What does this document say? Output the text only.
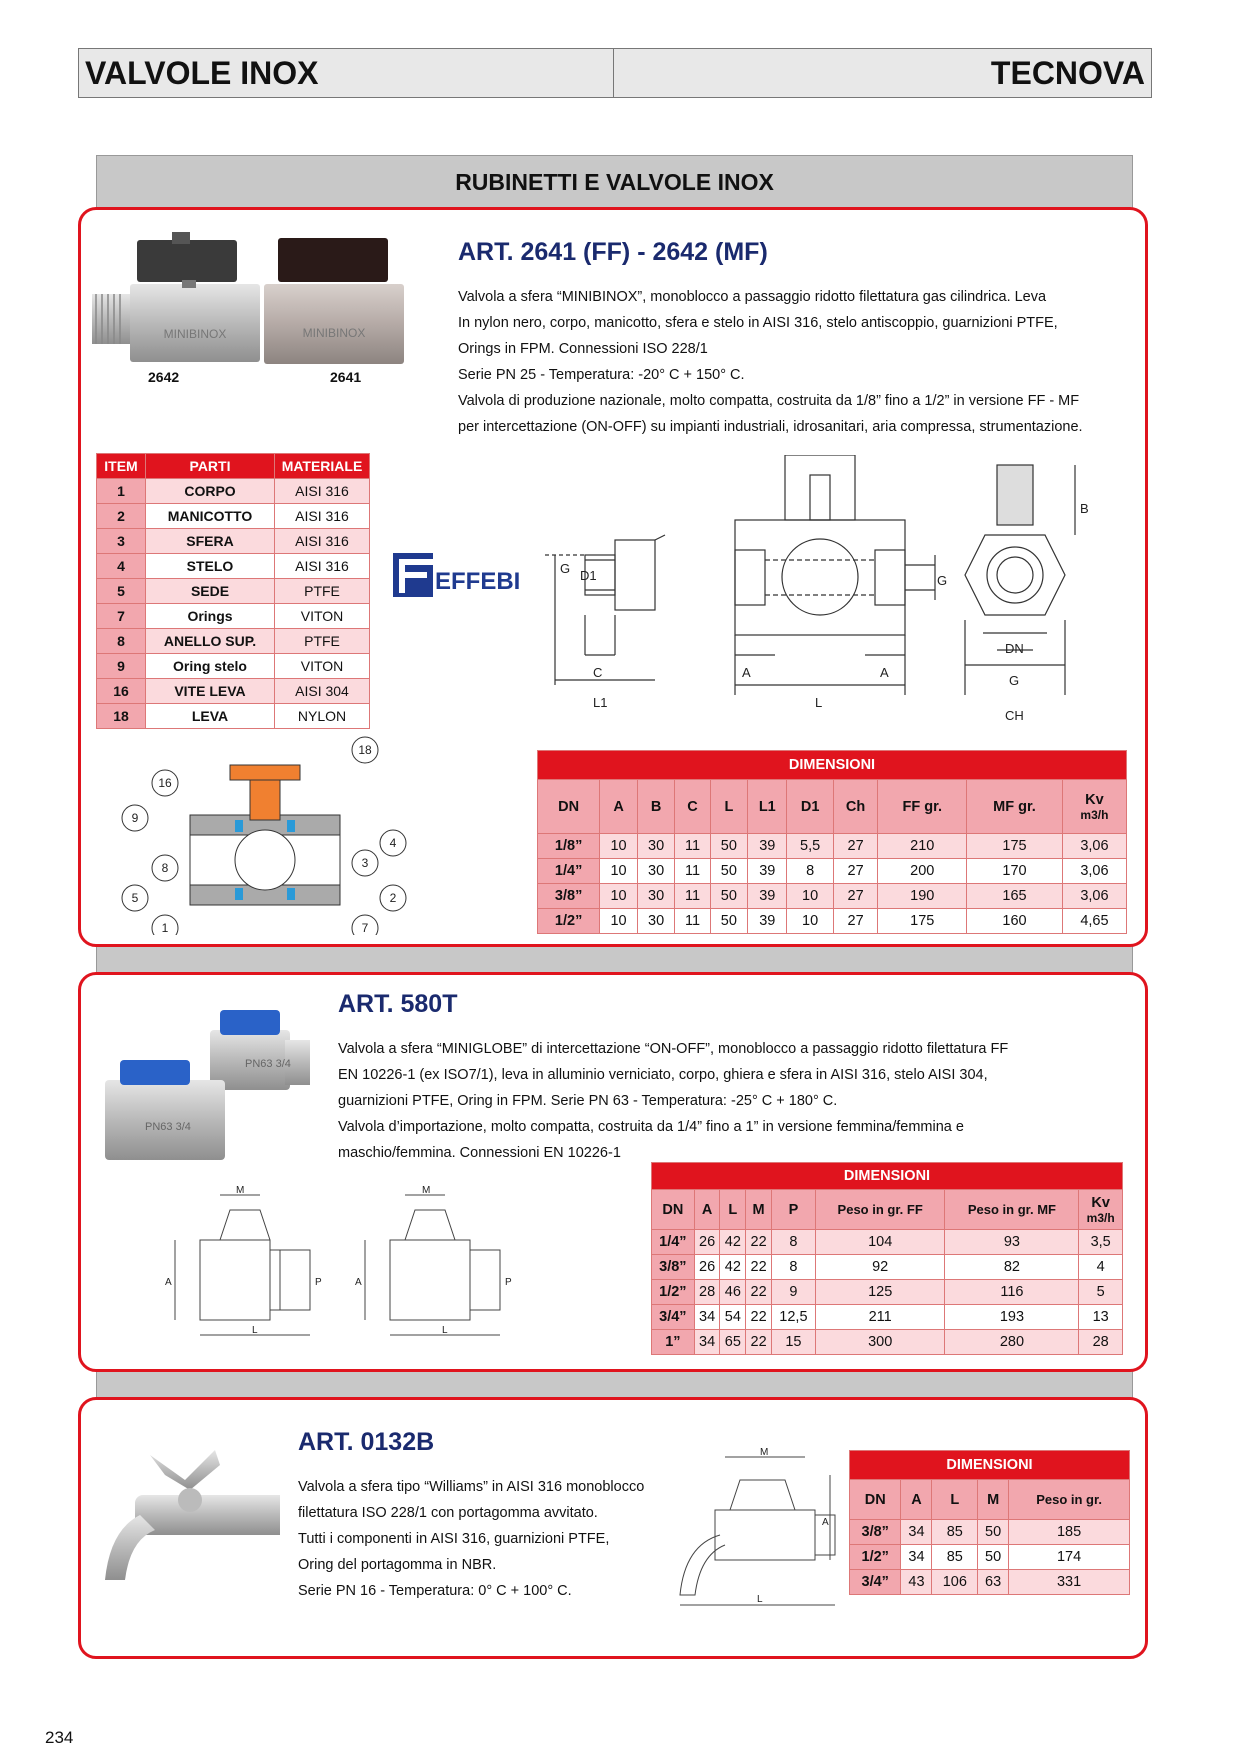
VALVOLE INOX	TECNOVA
RUBINETTI E VALVOLE INOX
MINIBINOX	MINIBINOX
2642	2641
ART. 2641 (FF) - 2642 (MF)
Valvola a sfera “MINIBINOX”, monoblocco a passaggio ridotto filettatura gas cilindrica. Leva
In nylon nero, corpo, manicotto, sfera e stelo in AISI 316, stelo antiscoppio, guarnizioni PTFE,
Orings in FPM. Connessioni ISO 228/1
Serie PN 25 - Temperatura: -20° C + 150° C.
Valvola di produzione nazionale, molto compatta, costruita da 1/8” fino a 1/2” in versione FF - MF
per intercettazione (ON-OFF) su impianti industriali, idrosanitari, aria compressa, strumentazione.
ITEM	PARTI	MATERIALE
1	CORPO	AISI 316
2	MANICOTTO	AISI 316
3	SFERA	AISI 316
4	STELO	AISI 316
5	SEDE	PTFE
7	Orings	VITON
8	ANELLO SUP.	PTFE
9	Oring stelo	VITON
16	VITE LEVA	AISI 304
18	LEVA	NYLON
EFFEBI	G D1
C
L1
A
L
A
G
B
DN
G
CH
18
16
9
8
5
1
4
3
2
7
DIMENSIONI										
DN	A	B	C	L	L1	D1	Ch	FF gr.	MF gr.	Kv
m3/h

1/8”	10	30	11	50	39	5,5	27	210	175	3,06
1/4”	10	30	11	50	39	8	27	200	170	3,06
3/8”	10	30	11	50	39	10	27	190	165	3,06
1/2”	10	30	11	50	39	10	27	175	160	4,65
PN63 3/4
PN63 3/4
ART. 580T
Valvola a sfera “MINIGLOBE” di intercettazione “ON-OFF”, monoblocco a passaggio ridotto filettatura FF
EN 10226-1 (ex ISO7/1), leva in alluminio verniciato, corpo, ghiera e sfera in AISI 316, stelo AISI 304,
guarnizioni PTFE, Oring in FPM. Serie PN 63 - Temperatura: -25° C + 180° C.
Valvola d’importazione, molto compatta, costruita da 1/4” fino a 1” in versione femmina/femmina e
maschio/femmina. Connessioni EN 10226-1
M
A	P
L
M
A	P
L
DIMENSIONI							
DN	A	L	M	P	Peso in gr. FF	Peso in gr. MF	Kv
m3/h

1/4”	26	42	22	8	104	93	3,5
3/8”	26	42	22	8	92	82	4
1/2”	28	46	22	9	125	116	5
3/4”	34	54	22	12,5	211	193	13
1”	34	65	22	15	300	280	28
ART. 0132B
Valvola a sfera tipo “Williams” in AISI 316 monoblocco
filettatura ISO 228/1 con portagomma avvitato.
Tutti i componenti in AISI 316, guarnizioni PTFE,
Oring del portagomma in NBR.
Serie PN 16 - Temperatura: 0° C + 100° C.
M
A
L
DIMENSIONI				
DN	A	L	M	Peso in gr.
3/8”	34	85	50	185
1/2”	34	85	50	174
3/4”	43	106	63	331
234
